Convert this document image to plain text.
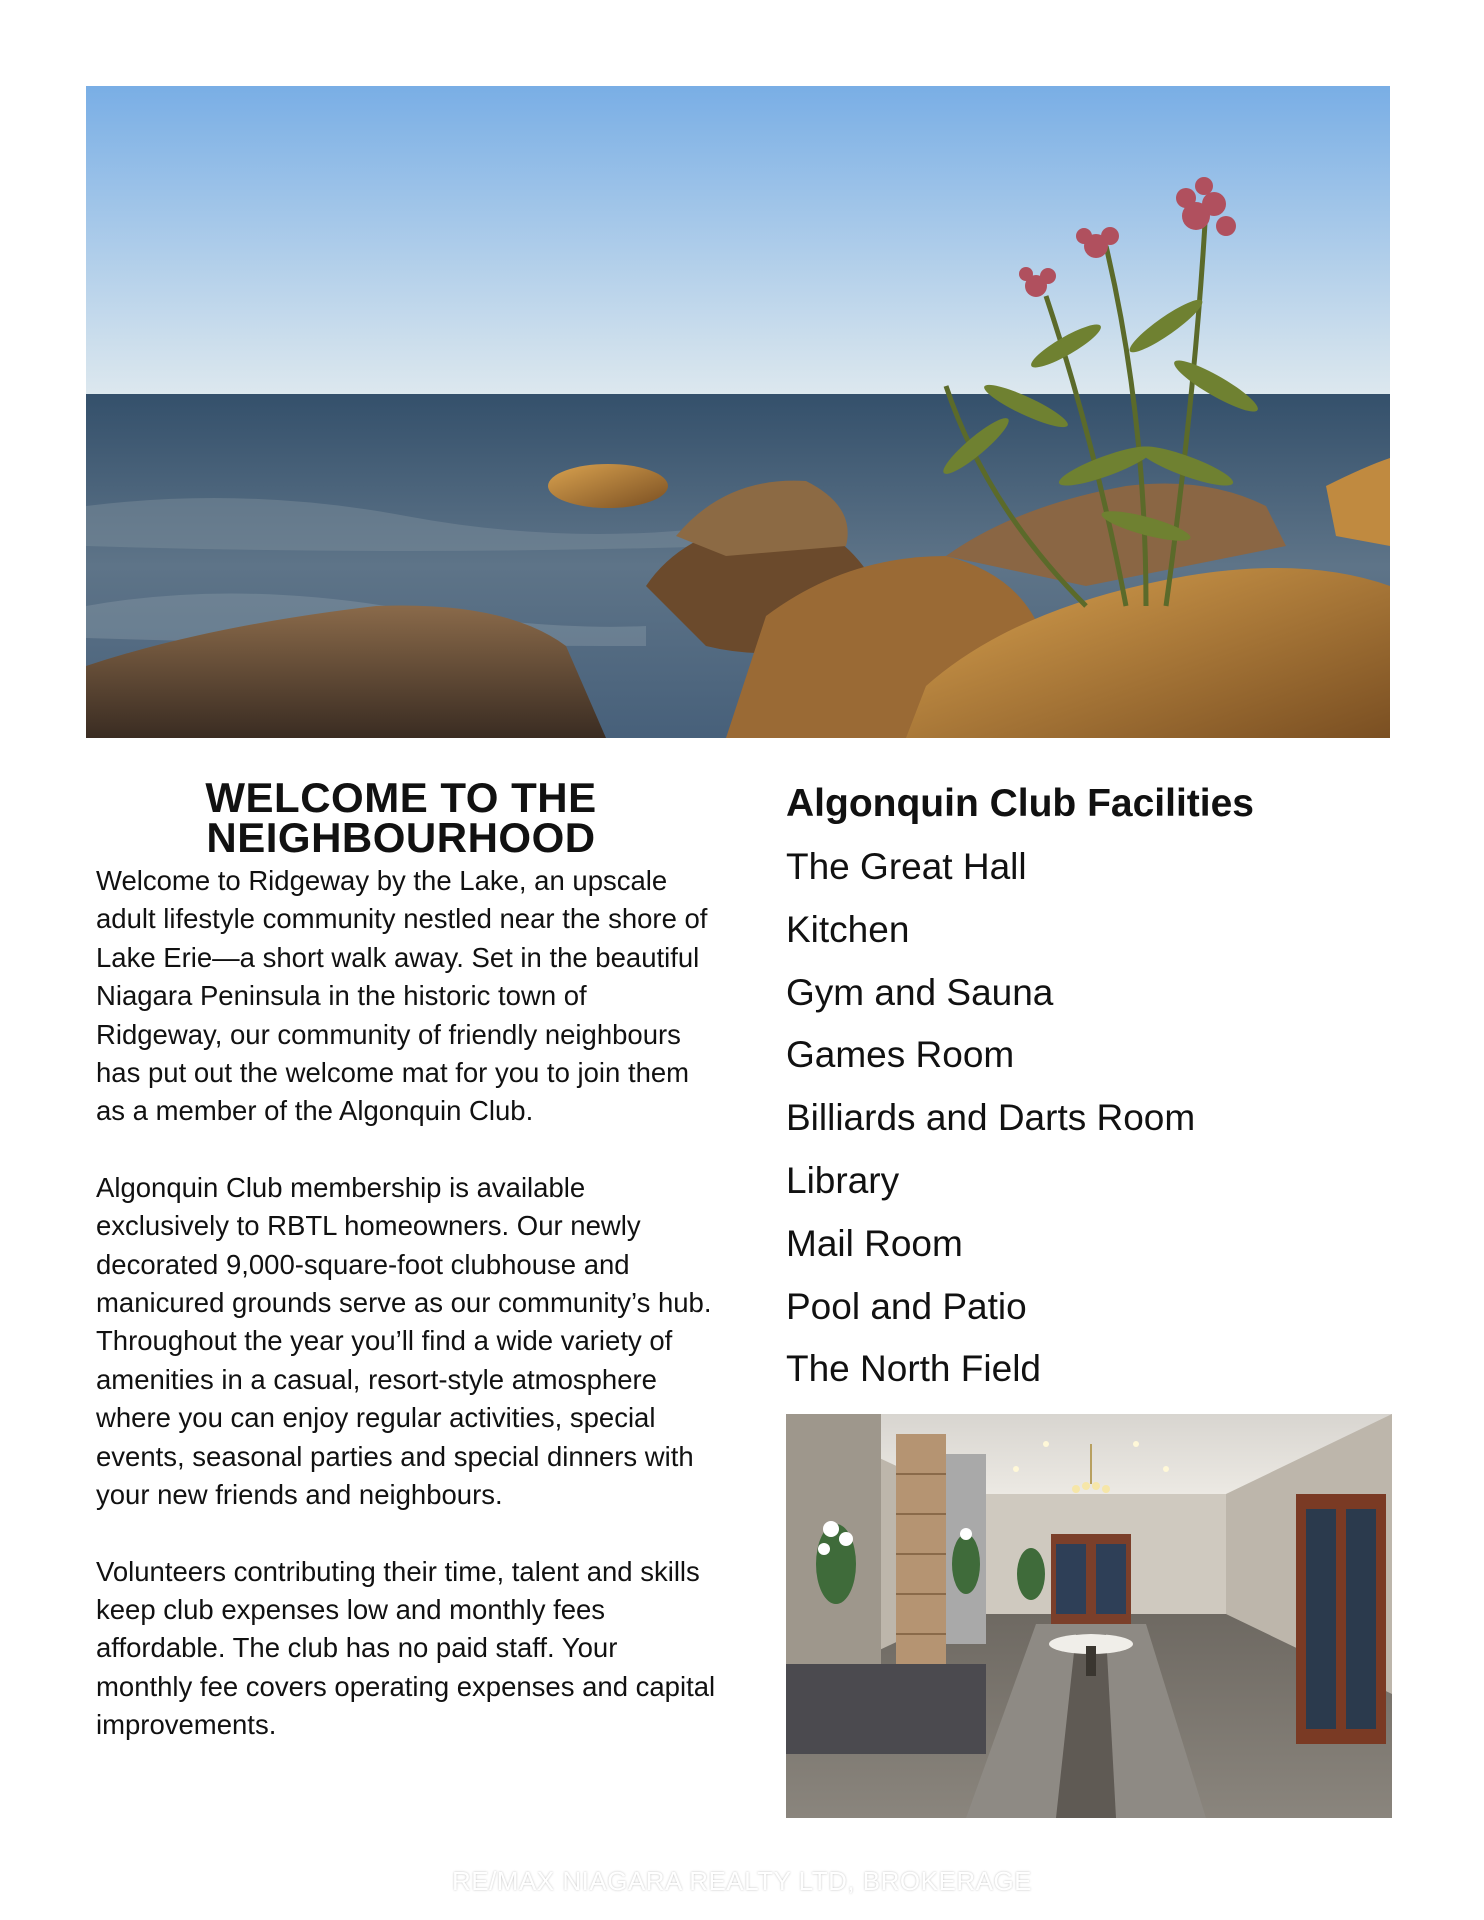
WELCOME TO THE
NEIGHBOURHOOD

Welcome to Ridgeway by the Lake, an upscale adult lifestyle community nestled near the shore of Lake Erie—a short walk away. Set in the beautiful Niagara Peninsula in the historic town of Ridgeway, our community of friendly neighbours has put out the welcome mat for you to join them as a member of the Algonquin Club.

Algonquin Club membership is available exclusively to RBTL homeowners. Our newly decorated 9,000-square-foot clubhouse and manicured grounds serve as our community’s hub. Throughout the year you’ll find a wide variety of amenities in a casual, resort-style atmosphere where you can enjoy regular activities, special events, seasonal parties and special dinners with your new friends and neighbours.

Volunteers contributing their time, talent and skills keep club expenses low and monthly fees affordable. The club has no paid staff. Your monthly fee covers operating expenses and capital improvements.

Algonquin Club Facilities
The Great Hall
Kitchen
Gym and Sauna
Games Room
Billiards and Darts Room
Library
Mail Room
Pool and Patio
The North Field
RE/MAX NIAGARA REALTY LTD, BROKERAGE
